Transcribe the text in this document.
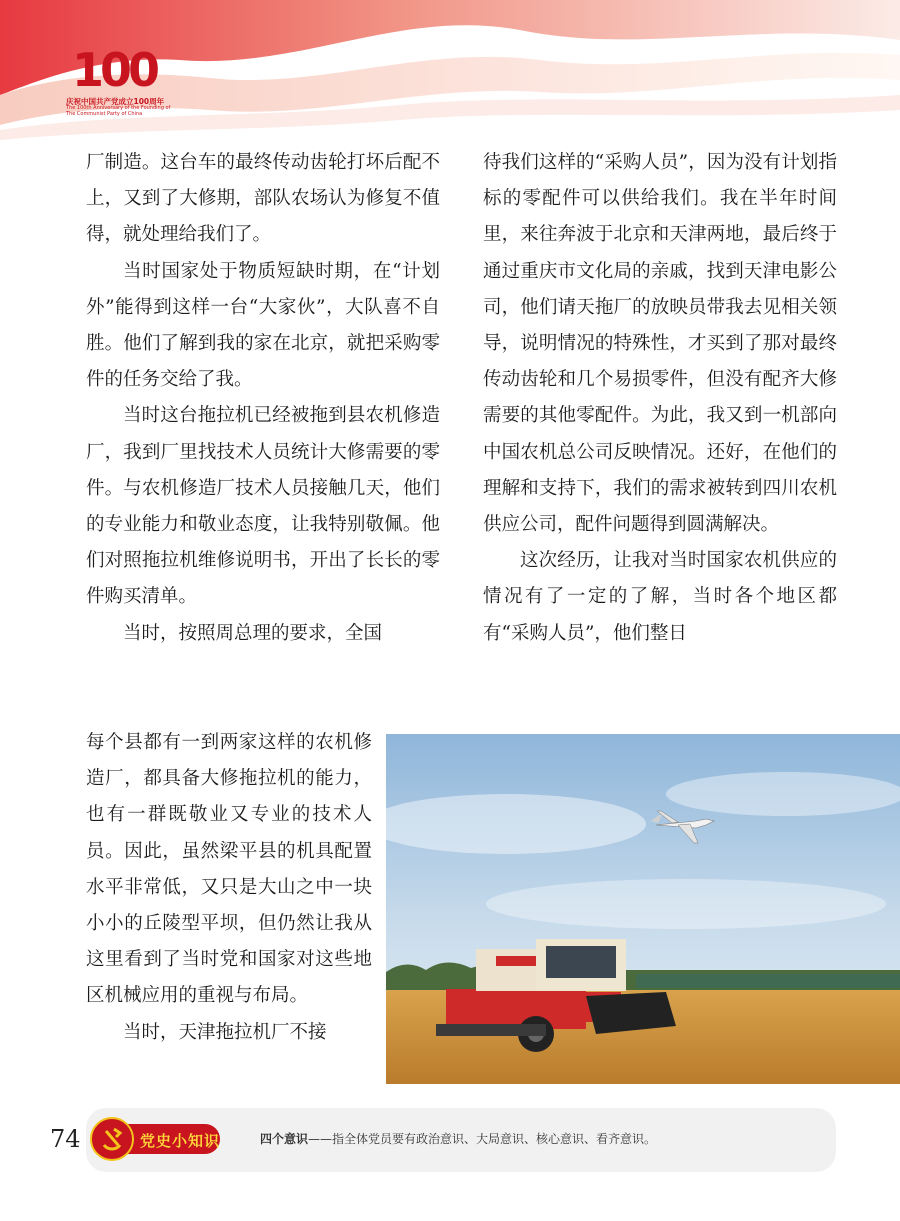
100
庆祝中国共产党成立100周年
The 100th Anniversary of the Founding of
The Communist Party of China

厂制造。这台车的最终传动齿轮打坏后配不上，又到了大修期，部队农场认为修复不值得，就处理给我们了。

当时国家处于物质短缺时期，在“计划外”能得到这样一台“大家伙”，大队喜不自胜。他们了解到我的家在北京，就把采购零件的任务交给了我。

当时这台拖拉机已经被拖到县农机修造厂，我到厂里找技术人员统计大修需要的零件。与农机修造厂技术人员接触几天，他们的专业能力和敬业态度，让我特别敬佩。他们对照拖拉机维修说明书，开出了长长的零件购买清单。

当时，按照周总理的要求，全国

每个县都有一到两家这样的农机修造厂，都具备大修拖拉机的能力，也有一群既敬业又专业的技术人员。因此，虽然梁平县的机具配置水平非常低，又只是大山之中一块小小的丘陵型平坝，但仍然让我从这里看到了当时党和国家对这些地区机械应用的重视与布局。

当时，天津拖拉机厂不接

待我们这样的“采购人员”，因为没有计划指标的零配件可以供给我们。我在半年时间里，来往奔波于北京和天津两地，最后终于通过重庆市文化局的亲戚，找到天津电影公司，他们请天拖厂的放映员带我去见相关领导，说明情况的特殊性，才买到了那对最终传动齿轮和几个易损零件，但没有配齐大修需要的其他零配件。为此，我又到一机部向中国农机总公司反映情况。还好，在他们的理解和支持下，我们的需求被转到四川农机供应公司，配件问题得到圆满解决。

这次经历，让我对当时国家农机供应的情况有了一定的了解，当时各个地区都有“采购人员”，他们整日

74	党史小知识	四个意识——指全体党员要有政治意识、大局意识、核心意识、看齐意识。
